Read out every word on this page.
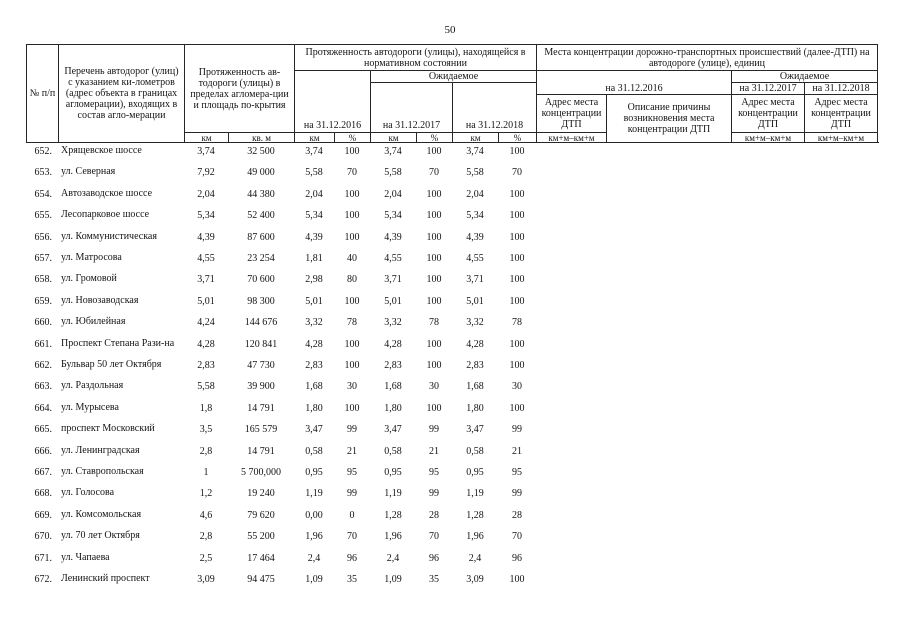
50
№ п/п
Перечень автодорог (улиц) с указанием ки-лометров (адрес объекта в границах агломерации), входящих в состав агло-мерации
Протяженность ав-тодороги (улицы) в пределах агломера-ции и площадь по-крытия
Протяженность автодороги (улицы), находящейся в нормативном состоянии
Места концентрации дорожно-транспортных происшествий (далее-ДТП) на автодороге (улице), единиц
на 31.12.2016
Ожидаемое
на 31.12.2017	на 31.12.2018
на 31.12.2016
Ожидаемое
на 31.12.2017	на 31.12.2018
Адрес места концентрации ДТП
Описание причины возникновения места концентрации ДТП
Адрес места концентрации ДТП
Адрес места концентрации ДТП
км	кв. м	км	%	км	%	км	%	км+м–км+м	км+м–км+м	км+м–км+м
652. Хрящевское шоссе	3,74	32 500	3,74	100	3,74	100	3,74	100
653. ул. Северная	7,92	49 000	5,58	70	5,58	70	5,58	70
654. Автозаводское шоссе	2,04	44 380	2,04	100	2,04	100	2,04	100
655. Лесопарковое шоссе	5,34	52 400	5,34	100	5,34	100	5,34	100
656. ул. Коммунистическая	4,39	87 600	4,39	100	4,39	100	4,39	100
657. ул. Матросова	4,55	23 254	1,81	40	4,55	100	4,55	100
658. ул. Громовой	3,71	70 600	2,98	80	3,71	100	3,71	100
659. ул. Новозаводская	5,01	98 300	5,01	100	5,01	100	5,01	100
660. ул. Юбилейная	4,24	144 676	3,32	78	3,32	78	3,32	78
661. Проспект Степана Рази-на	4,28	120 841	4,28	100	4,28	100	4,28	100
662. Бульвар 50 лет Октября	2,83	47 730	2,83	100	2,83	100	2,83	100
663. ул. Раздольная	5,58	39 900	1,68	30	1,68	30	1,68	30
664. ул. Мурысева	1,8	14 791	1,80	100	1,80	100	1,80	100
665. проспект Московский	3,5	165 579	3,47	99	3,47	99	3,47	99
666. ул. Ленинградская	2,8	14 791	0,58	21	0,58	21	0,58	21
667. ул. Ставропольская	1	5 700,000	0,95	95	0,95	95	0,95	95
668. ул. Голосова	1,2	19 240	1,19	99	1,19	99	1,19	99
669. ул. Комсомольская	4,6	79 620	0,00	0	1,28	28	1,28	28
670. ул. 70 лет Октября	2,8	55 200	1,96	70	1,96	70	1,96	70
671. ул. Чапаева	2,5	17 464	2,4	96	2,4	96	2,4	96
672. Ленинский проспект	3,09	94 475	1,09	35	1,09	35	3,09	100
